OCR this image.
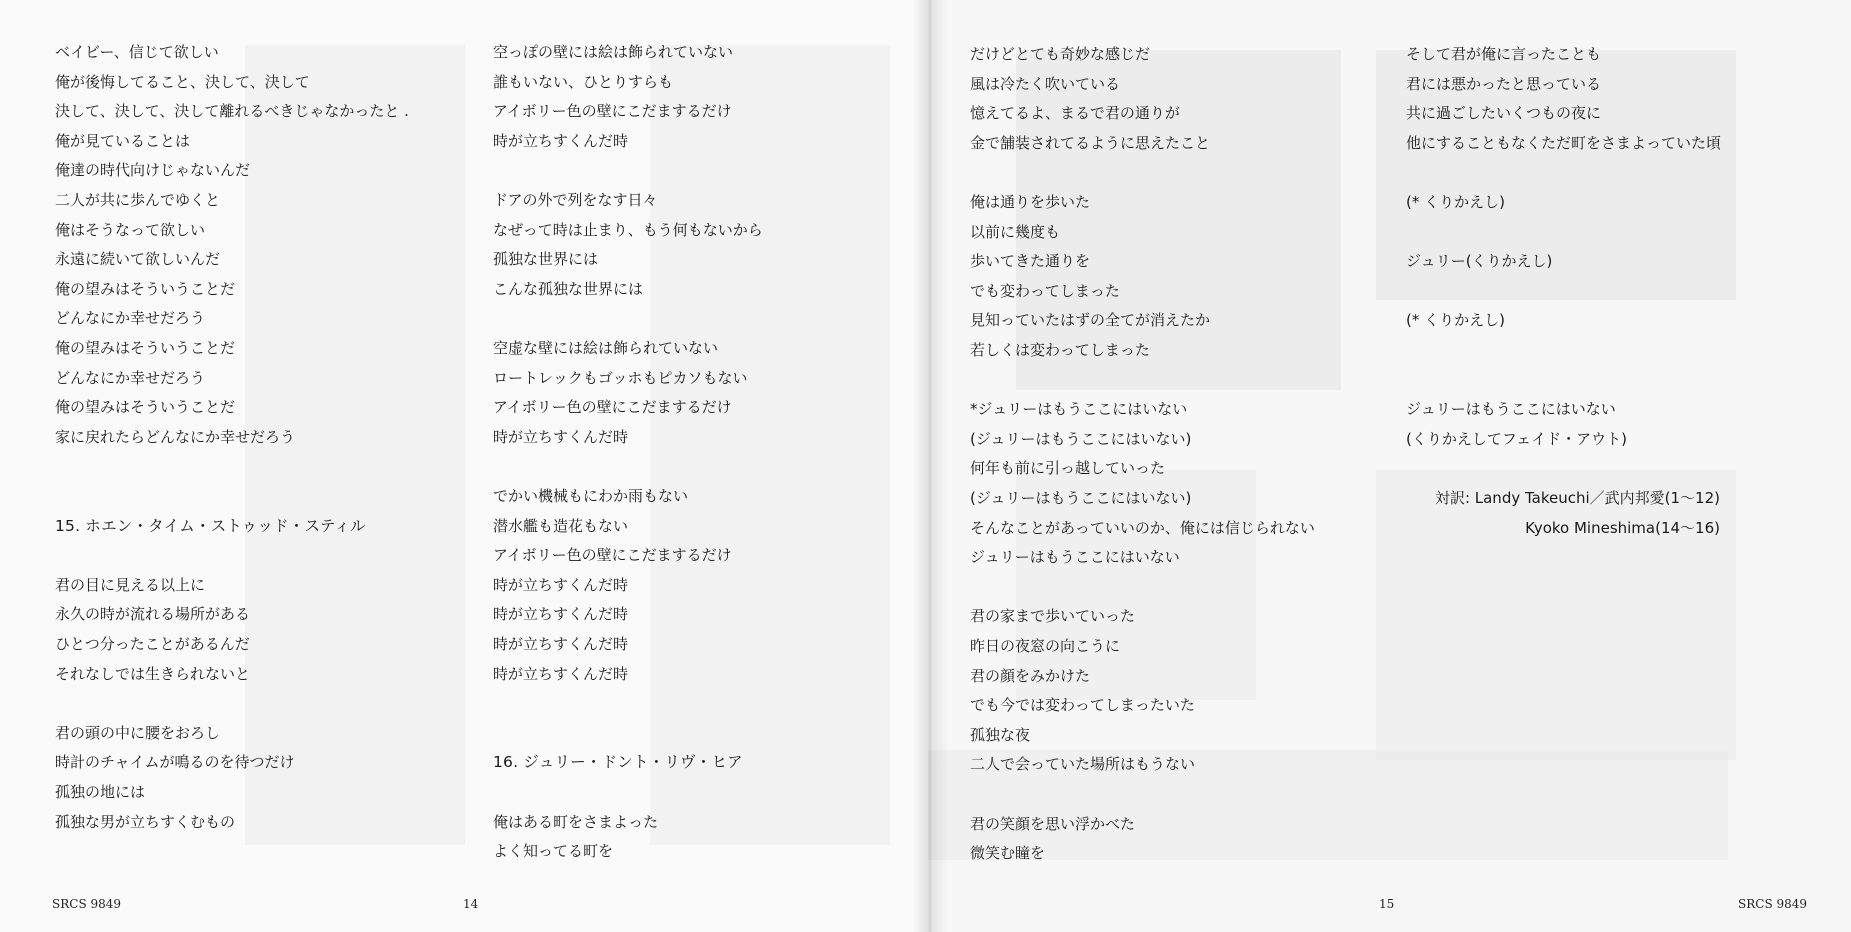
ベイビー、信じて欲しい
俺が後悔してること、決して、決して
決して、決して、決して離れるべきじゃなかったと .
俺が見ていることは
俺達の時代向けじゃないんだ
二人が共に歩んでゆくと
俺はそうなって欲しい
永遠に続いて欲しいんだ
俺の望みはそういうことだ
どんなにか幸せだろう
俺の望みはそういうことだ
どんなにか幸せだろう
俺の望みはそういうことだ
家に戻れたらどんなにか幸せだろう
15. ホエン・タイム・ストゥッド・スティル
君の目に見える以上に
永久の時が流れる場所がある
ひとつ分ったことがあるんだ
それなしでは生きられないと
君の頭の中に腰をおろし
時計のチャイムが鳴るのを待つだけ
孤独の地には
孤独な男が立ちすくむもの
空っぽの壁には絵は飾られていない
誰もいない、ひとりすらも
アイボリー色の壁にこだまするだけ
時が立ちすくんだ時
ドアの外で列をなす日々
なぜって時は止まり、もう何もないから
孤独な世界には
こんな孤独な世界には
空虚な壁には絵は飾られていない
ロートレックもゴッホもピカソもない
アイボリー色の壁にこだまするだけ
時が立ちすくんだ時
でかい機械もにわか雨もない
潜水艦も造花もない
アイボリー色の壁にこだまするだけ
時が立ちすくんだ時
時が立ちすくんだ時
時が立ちすくんだ時
時が立ちすくんだ時
16. ジュリー・ドント・リヴ・ヒア
俺はある町をさまよった
よく知ってる町を
SRCS 9849	14
だけどとても奇妙な感じだ
風は冷たく吹いている
憶えてるよ、まるで君の通りが
金で舗装されてるように思えたこと
俺は通りを歩いた
以前に幾度も
歩いてきた通りを
でも変わってしまった
見知っていたはずの全てが消えたか
若しくは変わってしまった
*ジュリーはもうここにはいない
(ジュリーはもうここにはいない)
何年も前に引っ越していった
(ジュリーはもうここにはいない)
そんなことがあっていいのか、俺には信じられない
ジュリーはもうここにはいない
君の家まで歩いていった
昨日の夜窓の向こうに
君の顔をみかけた
でも今では変わってしまったいた
孤独な夜
二人で会っていた場所はもうない
君の笑顔を思い浮かべた
微笑む瞳を
そして君が俺に言ったことも
君には悪かったと思っている
共に過ごしたいくつもの夜に
他にすることもなくただ町をさまよっていた頃
(* くりかえし)
ジュリー(くりかえし)
(* くりかえし)
ジュリーはもうここにはいない
(くりかえしてフェイド・アウト)
対訳: Landy Takeuchi／武内邦愛(1〜12)
Kyoko Mineshima(14〜16)
15	SRCS 9849
